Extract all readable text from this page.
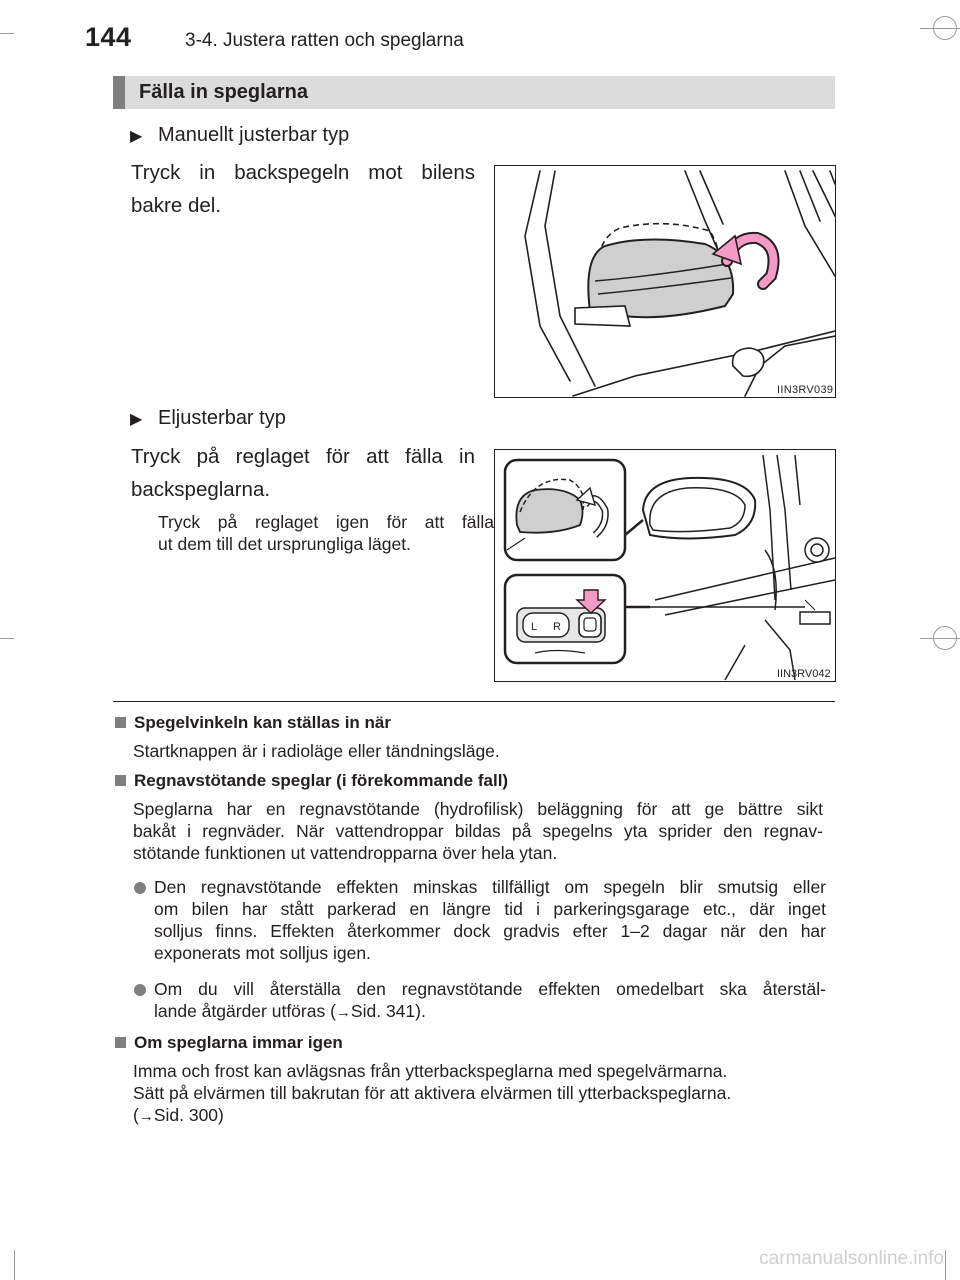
144	3-4. Justera ratten och speglarna
Fälla in speglarna
▶ Manuellt justerbar typ
Tryck in backspegeln mot bilens
bakre del.
IIN3RV039
▶ Eljusterbar typ
Tryck på reglaget för att fälla in
backspeglarna.
Tryck på reglaget igen för att fälla
ut dem till det ursprungliga läget.
L R
IIN3RV042
Spegelvinkeln kan ställas in när
Startknappen är i radioläge eller tändningsläge.
Regnavstötande speglar (i förekommande fall)
Speglarna har en regnavstötande (hydrofilisk) beläggning för att ge bättre sikt
bakåt i regnväder. När vattendroppar bildas på spegelns yta sprider den regnav-
stötande funktionen ut vattendropparna över hela ytan.
Den regnavstötande effekten minskas tillfälligt om spegeln blir smutsig eller
om bilen har stått parkerad en längre tid i parkeringsgarage etc., där inget
solljus finns. Effekten återkommer dock gradvis efter 1–2 dagar när den har
exponerats mot solljus igen.
Om du vill återställa den regnavstötande effekten omedelbart ska återstäl-
lande åtgärder utföras (→Sid. 341).
Om speglarna immar igen
Imma och frost kan avlägsnas från ytterbackspeglarna med spegelvärmarna.
Sätt på elvärmen till bakrutan för att aktivera elvärmen till ytterbackspeglarna.
(→Sid. 300)
carmanualsonline.info
